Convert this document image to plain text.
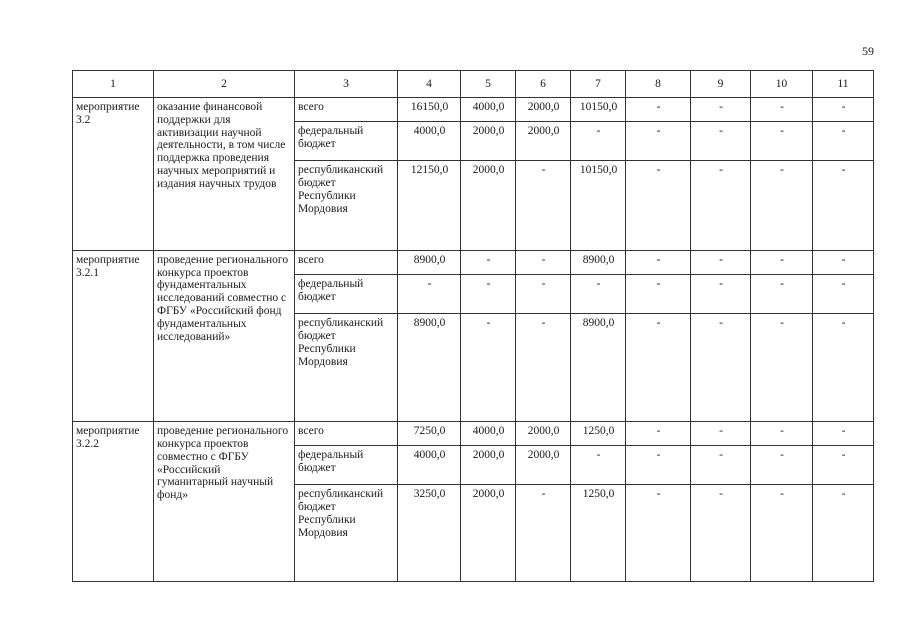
59
1	2	3	4	5	6	7	8	9	10	11
мероприятие 3.2	оказание финансовой поддержки для активизации научной деятельности, в том числе поддержка проведения научных мероприятий и издания научных трудов	всего	16150,0	4000,0	2000,0	10150,0	-	-	-	-
		федеральный бюджет	4000,0	2000,0	2000,0	-	-	-	-	-
		республиканский бюджет Республики Мордовия	12150,0	2000,0	-	10150,0	-	-	-	-
мероприятие 3.2.1	проведение регионального конкурса проектов фундаментальных исследований совместно с ФГБУ «Российский фонд фундаментальных исследований»	всего	8900,0	-	-	8900,0	-	-	-	-
		федеральный бюджет	-	-	-	-	-	-	-	-
		республиканский бюджет Республики Мордовия	8900,0	-	-	8900,0	-	-	-	-
мероприятие 3.2.2	проведение регионального конкурса проектов совместно с ФГБУ «Российский гуманитарный научный фонд»	всего	7250,0	4000,0	2000,0	1250,0	-	-	-	-
		федеральный бюджет	4000,0	2000,0	2000,0	-	-	-	-	-
		республиканский бюджет Республики Мордовия	3250,0	2000,0	-	1250,0	-	-	-	-
